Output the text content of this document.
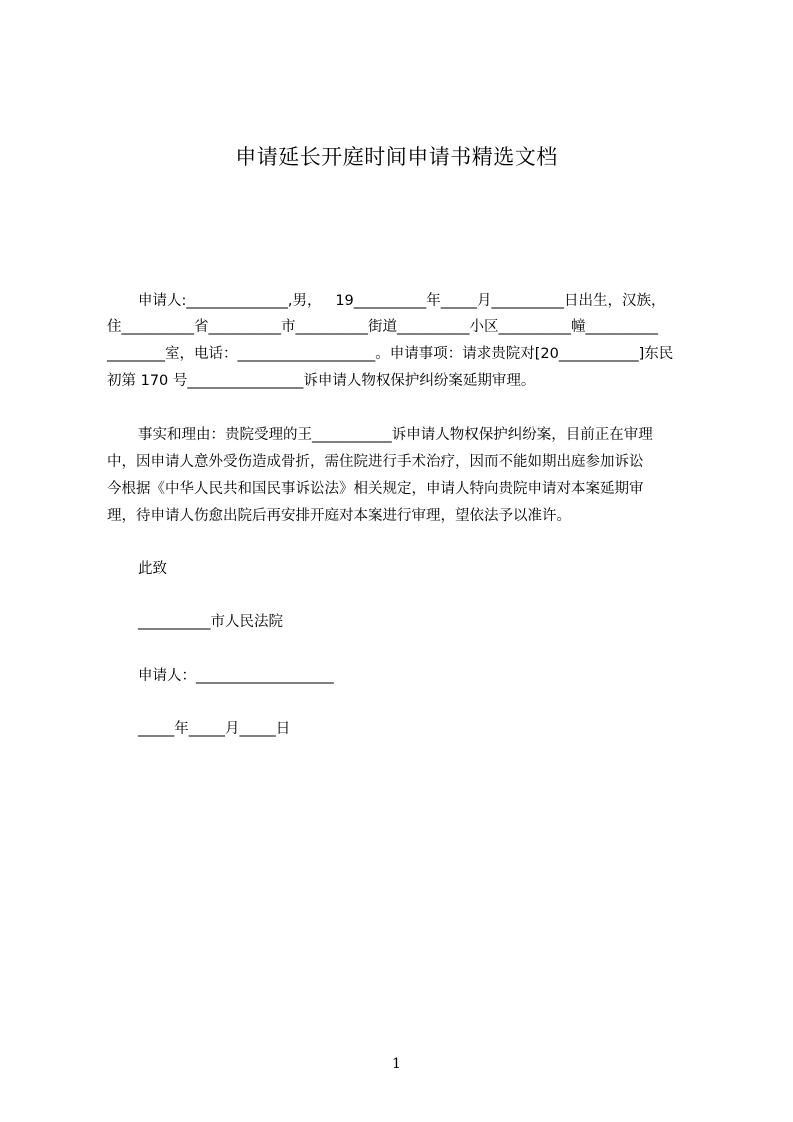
申请延长开庭时间申请书精选文档
申请人:______________,男，   19__________年_____月__________日出生，汉族，
住__________省__________市__________街道__________小区__________幢__________
________室，电话：___________________。申请事项：请求贵院对[20___________]东民
初第 170 号________________诉申请人物权保护纠纷案延期审理。
事实和理由：贵院受理的王___________诉申请人物权保护纠纷案，目前正在审理
中，因申请人意外受伤造成骨折，需住院进行手术治疗，因而不能如期出庭参加诉讼
今根据《中华人民共和国民事诉讼法》相关规定，申请人特向贵院申请对本案延期审
理，待申请人伤愈出院后再安排开庭对本案进行审理，望依法予以准许。
此致
__________市人民法院
申请人：___________________
_____年_____月_____日
1
